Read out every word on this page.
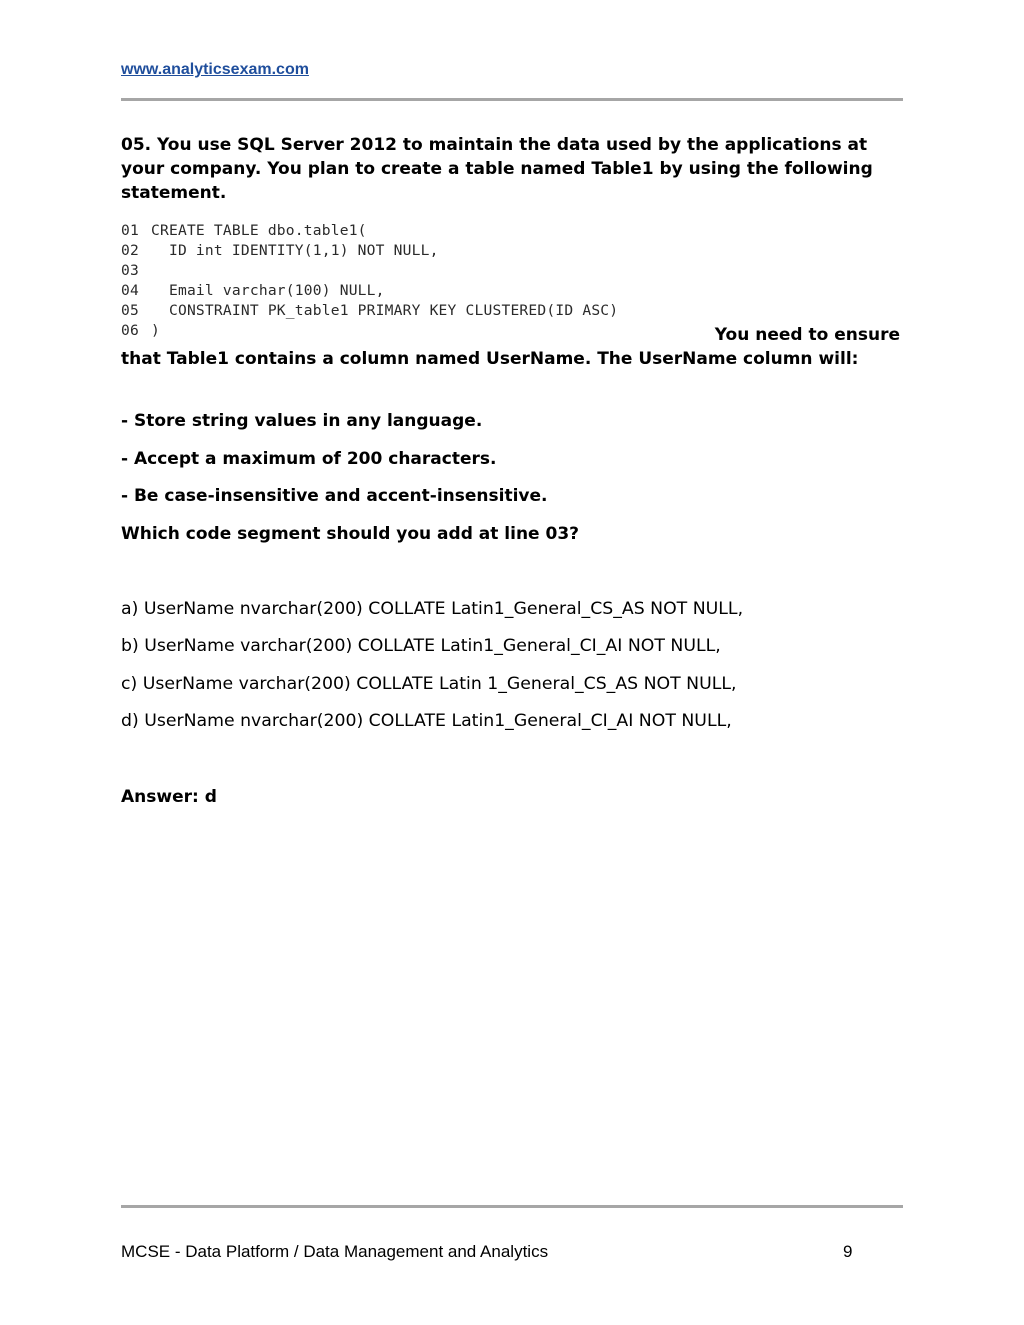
www.analyticsexam.com
05. You use SQL Server 2012 to maintain the data used by the applications at your company. You plan to create a table named Table1 by using the following statement.
01 CREATE TABLE dbo.table1(
02  ID int IDENTITY(1,1) NOT NULL,
03
04  Email varchar(100) NULL,
05  CONSTRAINT PK_table1 PRIMARY KEY CLUSTERED(ID ASC)
06 )	You need to ensure
that Table1 contains a column named UserName. The UserName column will:
- Store string values in any language.
- Accept a maximum of 200 characters.
- Be case-insensitive and accent-insensitive.
Which code segment should you add at line 03?
a) UserName nvarchar(200) COLLATE Latin1_General_CS_AS NOT NULL,
b) UserName varchar(200) COLLATE Latin1_General_CI_AI NOT NULL,
c) UserName varchar(200) COLLATE Latin 1_General_CS_AS NOT NULL,
d) UserName nvarchar(200) COLLATE Latin1_General_CI_AI NOT NULL,
Answer: d
MCSE - Data Platform / Data Management and Analytics	9
